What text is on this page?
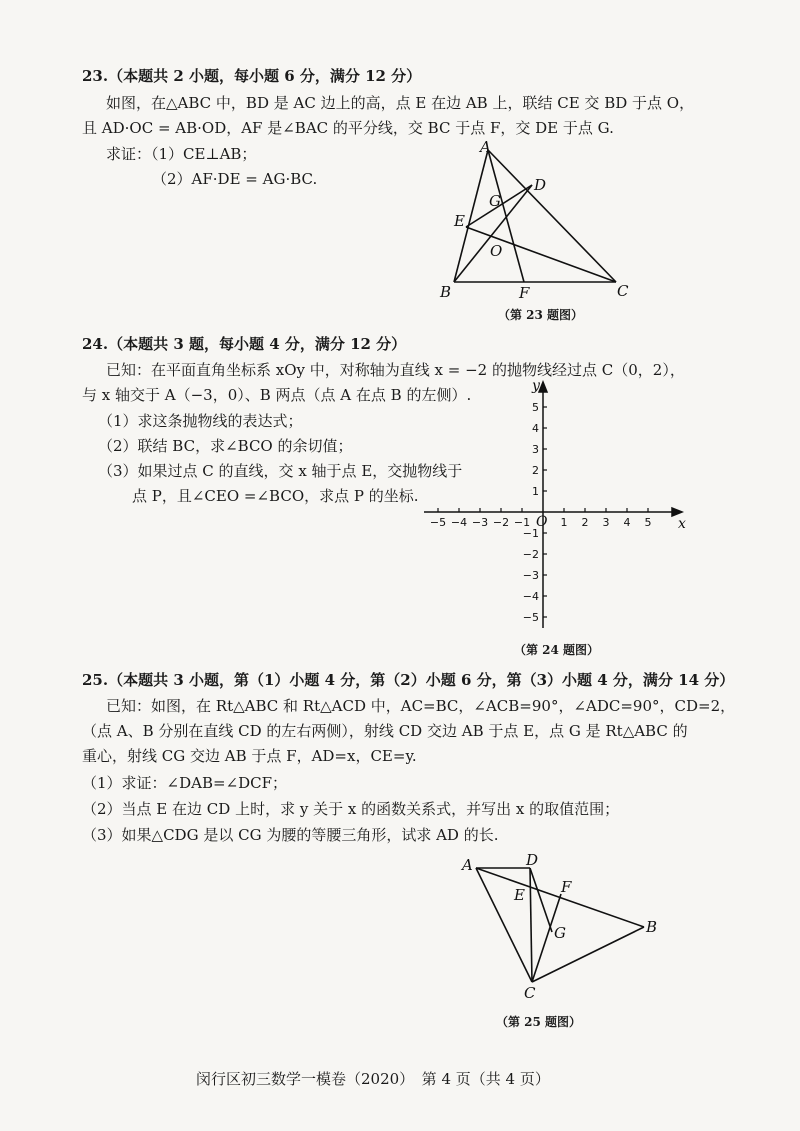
23.（本题共 2 小题，每小题 6 分，满分 12 分）
如图，在△ABC 中，BD 是 AC 边上的高，点 E 在边 AB 上，联结 CE 交 BD 于点 O，
且 AD·OC = AB·OD，AF 是∠BAC 的平分线，交 BC 于点 F，交 DE 于点 G.
求证：（1）CE⊥AB；
（2）AF·DE = AG·BC.
A
B	C
D
E
F
G
O
（第 23 题图）
24.（本题共 3 题，每小题 4 分，满分 12 分）
已知：在平面直角坐标系 xOy 中，对称轴为直线 x = −2 的抛物线经过点 C（0，2），
与 x 轴交于 A（−3，0）、B 两点（点 A 在点 B 的左侧）.
（1）求这条抛物线的表达式；
（2）联结 BC，求∠BCO 的余切值；
（3）如果过点 C 的直线，交 x 轴于点 E，交抛物线于
点 P，且∠CEO =∠BCO，求点 P 的坐标.
x
y
O
−5 −4 −3 −2 −1	1 2 3 4 5
5
4
3
2
1
−1
−2
−3
−4
−5
（第 24 题图）
25.（本题共 3 小题，第（1）小题 4 分，第（2）小题 6 分，第（3）小题 4 分，满分 14 分）
已知：如图，在 Rt△ABC 和 Rt△ACD 中，AC=BC，∠ACB=90°，∠ADC=90°，CD=2，
（点 A、B 分别在直线 CD 的左右两侧），射线 CD 交边 AB 于点 E，点 G 是 Rt△ABC 的
重心，射线 CG 交边 AB 于点 F，AD=x，CE=y.
（1）求证：∠DAB=∠DCF；
（2）当点 E 在边 CD 上时，求 y 关于 x 的函数关系式，并写出 x 的取值范围；
（3）如果△CDG 是以 CG 为腰的等腰三角形，试求 AD 的长.
A	D
B
C
E F
G
（第 25 题图）
闵行区初三数学一模卷（2020）　第 4 页（共 4 页）
